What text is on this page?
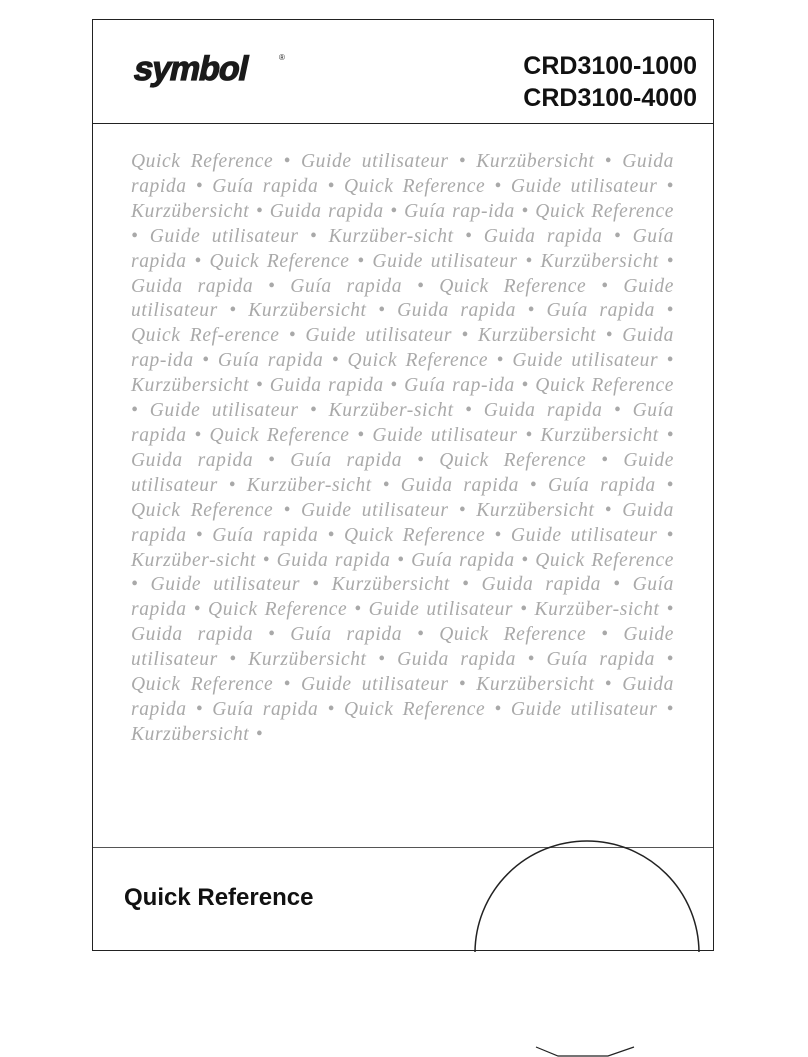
symbol	®	CRD3100-1000
CRD3100-4000
Quick Reference • Guide utilisateur • Kurzübersicht • Guida rapida • Guía rapida • Quick Reference • Guide utilisateur • Kurzübersicht • Guida rapida • Guía rap-ida • Quick Reference • Guide utilisateur • Kurzüber-sicht • Guida rapida • Guía rapida • Quick Reference • Guide utilisateur • Kurzübersicht • Guida rapida • Guía rapida • Quick Reference • Guide utilisateur • Kurzübersicht • Guida rapida • Guía rapida • Quick Ref-erence • Guide utilisateur • Kurzübersicht • Guida rap-ida • Guía rapida • Quick Reference • Guide utilisateur • Kurzübersicht • Guida rapida • Guía rap-ida • Quick Reference • Guide utilisateur • Kurzüber-sicht • Guida rapida • Guía rapida • Quick Reference • Guide utilisateur • Kurzübersicht • Guida rapida • Guía rapida • Quick Reference • Guide utilisateur • Kurzüber-sicht • Guida rapida • Guía rapida • Quick Reference • Guide utilisateur • Kurzübersicht • Guida rapida • Guía rapida • Quick Reference • Guide utilisateur • Kurzüber-sicht • Guida rapida • Guía rapida • Quick Reference • Guide utilisateur • Kurzübersicht • Guida rapida • Guía rapida • Quick Reference • Guide utilisateur • Kurzüber-sicht • Guida rapida • Guía rapida • Quick Reference • Guide utilisateur • Kurzübersicht • Guida rapida • Guía rapida • Quick Reference • Guide utilisateur • Kurzübersicht • Guida rapida • Guía rapida • Quick Reference • Guide utilisateur • Kurzübersicht •
Quick Reference
